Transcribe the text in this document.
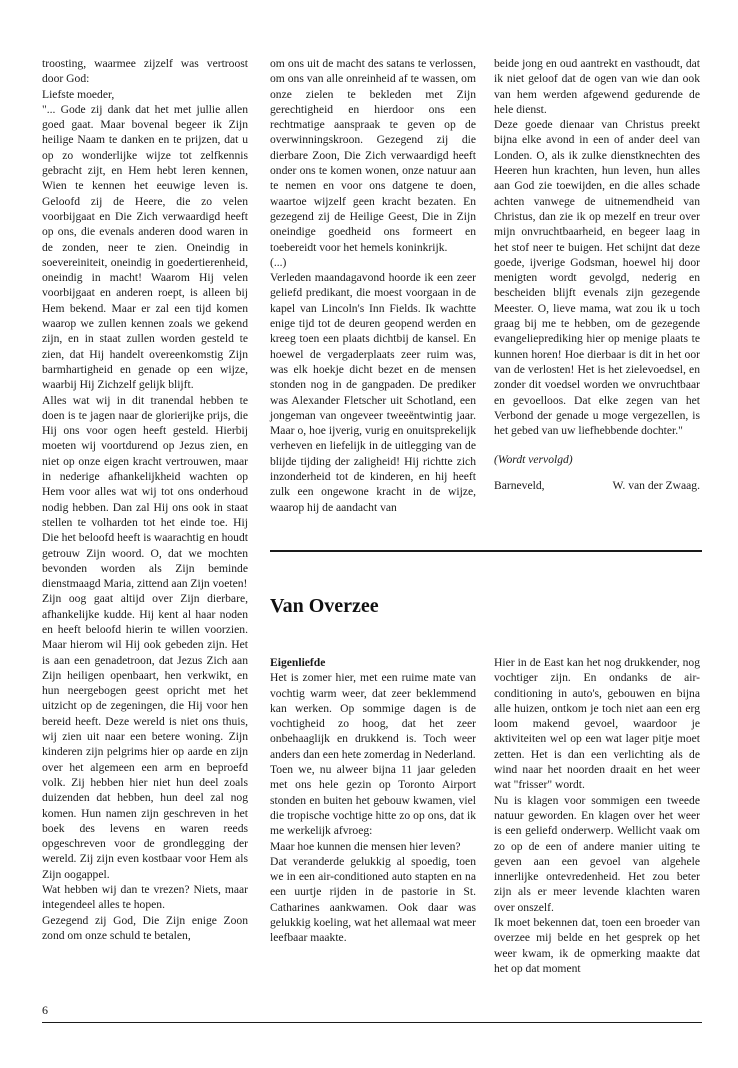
troosting, waarmee zijzelf was vertroost door God:

Liefste moeder,

"... Gode zij dank dat het met jullie allen goed gaat. Maar bovenal begeer ik Zijn heilige Naam te danken en te prijzen, dat u op zo wonderlijke wijze tot zelfkennis gebracht zijt, en Hem hebt leren kennen, Wien te kennen het eeuwige leven is. Geloofd zij de Heere, die zo velen voorbijgaat en Die Zich verwaardigd heeft op ons, die evenals anderen dood waren in de zonden, neer te zien. Oneindig in soevereiniteit, oneindig in goedertierenheid, oneindig in macht! Waarom Hij velen voorbijgaat en anderen roept, is alleen bij Hem bekend. Maar er zal een tijd komen waarop we zullen kennen zoals we gekend zijn, en in staat zullen worden gesteld te zien, dat Hij handelt overeenkomstig Zijn barmhartigheid en genade op een wijze, waarbij Hij Zichzelf gelijk blijft.

Alles wat wij in dit tranendal hebben te doen is te jagen naar de glorierijke prijs, die Hij ons voor ogen heeft gesteld. Hierbij moeten wij voortdurend op Jezus zien, en niet op onze eigen kracht vertrouwen, maar in nederige afhankelijkheid wachten op Hem voor alles wat wij tot ons onderhoud nodig hebben. Dan zal Hij ons ook in staat stellen te volharden tot het einde toe. Hij Die het beloofd heeft is waarachtig en houdt getrouw Zijn woord. O, dat we mochten bevonden worden als Zijn beminde dienstmaagd Maria, zittend aan Zijn voeten!

Zijn oog gaat altijd over Zijn dierbare, afhankelijke kudde. Hij kent al haar noden en heeft beloofd hierin te willen voorzien. Maar hierom wil Hij ook gebeden zijn. Het is aan een genadetroon, dat Jezus Zich aan Zijn heiligen openbaart, hen verkwikt, en hun neergebogen geest opricht met het uitzicht op de zegeningen, die Hij voor hen bereid heeft. Deze wereld is niet ons thuis, wij zien uit naar een betere woning. Zijn kinderen zijn pelgrims hier op aarde en zijn over het algemeen een arm en beproefd volk. Zij hebben hier niet hun deel zoals duizenden dat hebben, hun deel zal nog komen. Hun namen zijn geschreven in het boek des levens en waren reeds opgeschreven voor de grondlegging der wereld. Zij zijn even kostbaar voor Hem als Zijn oogappel.

Wat hebben wij dan te vrezen? Niets, maar integendeel alles te hopen.

Gezegend zij God, Die Zijn enige Zoon zond om onze schuld te betalen,

om ons uit de macht des satans te verlossen, om ons van alle onreinheid af te wassen, om onze zielen te bekleden met Zijn gerechtigheid en hierdoor ons een rechtmatige aanspraak te geven op de overwinningskroon. Gezegend zij die dierbare Zoon, Die Zich verwaardigd heeft onder ons te komen wonen, onze natuur aan te nemen en voor ons datgene te doen, waartoe wijzelf geen kracht bezaten. En gezegend zij de Heilige Geest, Die in Zijn oneindige goedheid ons formeert en toebereidt voor het hemels koninkrijk.

(...)

Verleden maandagavond hoorde ik een zeer geliefd predikant, die moest voorgaan in de kapel van Lincoln's Inn Fields. Ik wachtte enige tijd tot de deuren geopend werden en kreeg toen een plaats dichtbij de kansel. En hoewel de vergaderplaats zeer ruim was, was elk hoekje dicht bezet en de mensen stonden nog in de gangpaden. De prediker was Alexander Fletscher uit Schotland, een jongeman van ongeveer tweeëntwintig jaar. Maar o, hoe ijverig, vurig en onuitsprekelijk verheven en liefelijk in de uitlegging van de blijde tijding der zaligheid! Hij richtte zich inzonderheid tot de kinderen, en hij heeft zulk een ongewone kracht in de wijze, waarop hij de aandacht van

beide jong en oud aantrekt en vasthoudt, dat ik niet geloof dat de ogen van wie dan ook van hem werden afgewend gedurende de hele dienst.

Deze goede dienaar van Christus preekt bijna elke avond in een of ander deel van Londen. O, als ik zulke dienstknechten des Heeren hun krachten, hun leven, hun alles aan God zie toewijden, en die alles schade achten vanwege de uitnemendheid van Christus, dan zie ik op mezelf en treur over mijn onvruchtbaarheid, en begeer laag in het stof neer te buigen. Het schijnt dat deze goede, ijverige Godsman, hoewel hij door menigten wordt gevolgd, nederig en bescheiden blijft evenals zijn gezegende Meester. O, lieve mama, wat zou ik u toch graag bij me te hebben, om de gezegende evangelieprediking hier op menige plaats te kunnen horen! Hoe dierbaar is dit in het oor van de verlosten! Het is het zielevoedsel, en zonder dit voedsel worden we onvruchtbaar en gevoelloos. Dat elke zegen van het Verbond der genade u moge vergezellen, is het gebed van uw liefhebbende dochter."

(Wordt vervolgd)

Barneveld,	W. van der Zwaag.

Van Overzee

Eigenliefde

Het is zomer hier, met een ruime mate van vochtig warm weer, dat zeer beklemmend kan werken. Op sommige dagen is de vochtigheid zo hoog, dat het zeer onbehaaglijk en drukkend is. Toch weer anders dan een hete zomerdag in Nederland.

Toen we, nu alweer bijna 11 jaar geleden met ons hele gezin op Toronto Airport stonden en buiten het gebouw kwamen, viel die tropische vochtige hitte zo op ons, dat ik me werkelijk afvroeg:

Maar hoe kunnen die mensen hier leven?

Dat veranderde gelukkig al spoedig, toen we in een air-conditioned auto stapten en na een uurtje rijden in de pastorie in St. Catharines aankwamen. Ook daar was gelukkig koeling, wat het allemaal wat meer leefbaar maakte.

Hier in de East kan het nog drukkender, nog vochtiger zijn. En ondanks de air-conditioning in auto's, gebouwen en bijna alle huizen, ontkom je toch niet aan een erg loom makend gevoel, waardoor je aktiviteiten wel op een wat lager pitje moet zetten. Het is dan een verlichting als de wind naar het noorden draait en het weer wat "frisser" wordt.

Nu is klagen voor sommigen een tweede natuur geworden. En klagen over het weer is een geliefd onderwerp. Wellicht vaak om zo op de een of andere manier uiting te geven aan een gevoel van algehele innerlijke ontevredenheid. Het zou beter zijn als er meer levende klachten waren over onszelf.

Ik moet bekennen dat, toen een broeder van overzee mij belde en het gesprek op het weer kwam, ik de opmerking maakte dat het op dat moment

6
